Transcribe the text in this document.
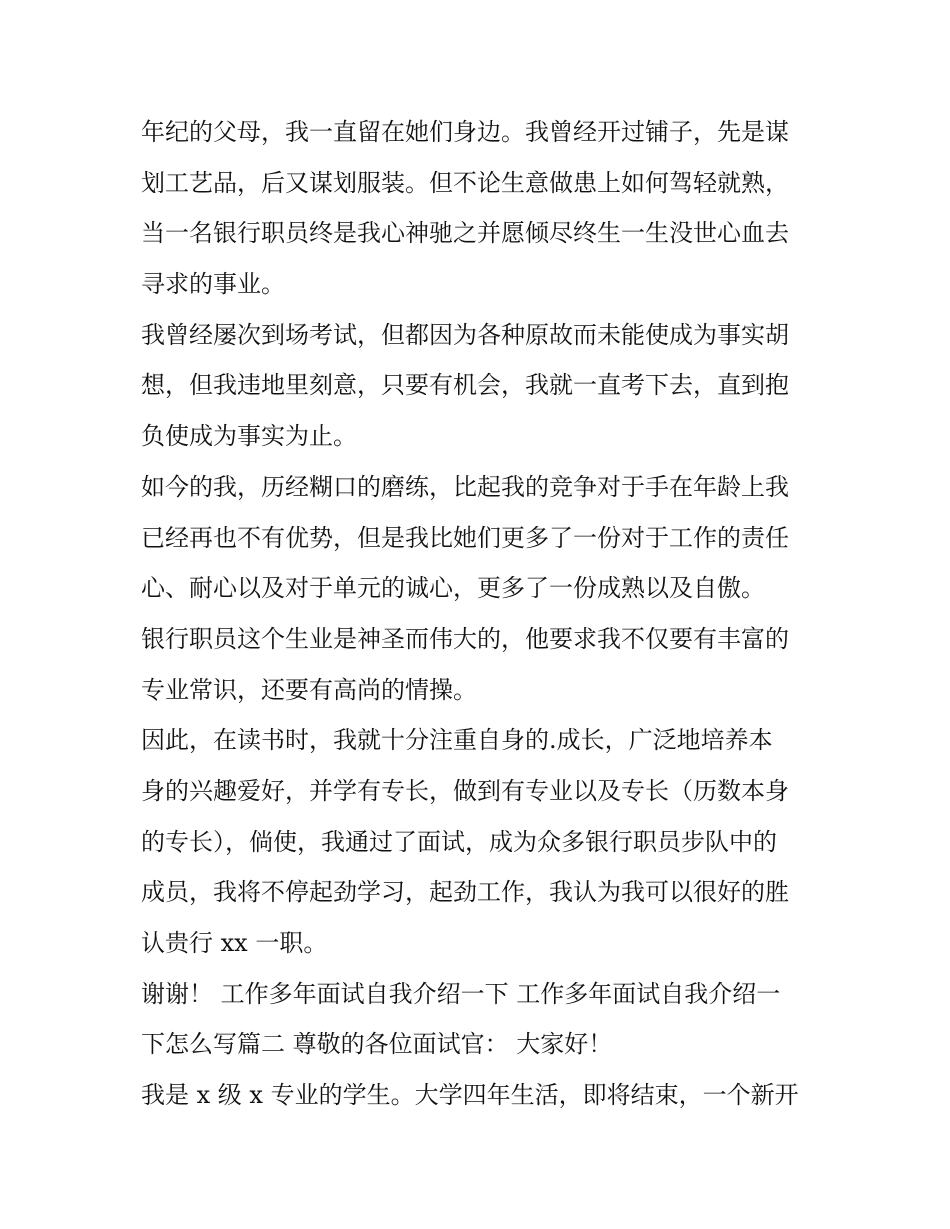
年纪的父母，我一直留在她们身边。我曾经开过铺子，先是谋
划工艺品，后又谋划服装。但不论生意做患上如何驾轻就熟，
当一名银行职员终是我心神驰之并愿倾尽终生一生没世心血去
寻求的事业。
我曾经屡次到场考试，但都因为各种原故而未能使成为事实胡
想，但我违地里刻意，只要有机会，我就一直考下去，直到抱
负使成为事实为止。
如今的我，历经糊口的磨练，比起我的竞争对于手在年龄上我
已经再也不有优势，但是我比她们更多了一份对于工作的责任
心、耐心以及对于单元的诚心，更多了一份成熟以及自傲。
银行职员这个生业是神圣而伟大的，他要求我不仅要有丰富的
专业常识，还要有高尚的情操。
因此，在读书时，我就十分注重自身的.成长，广泛地培养本
身的兴趣爱好，并学有专长，做到有专业以及专长（历数本身
的专长），倘使，我通过了面试，成为众多银行职员步队中的
成员，我将不停起劲学习，起劲工作，我认为我可以很好的胜
认贵行 xx 一职。
谢谢！ 工作多年面试自我介绍一下 工作多年面试自我介绍一
下怎么写篇二 尊敬的各位面试官： 大家好！
我是 x 级 x 专业的学生。大学四年生活，即将结束，一个新开
